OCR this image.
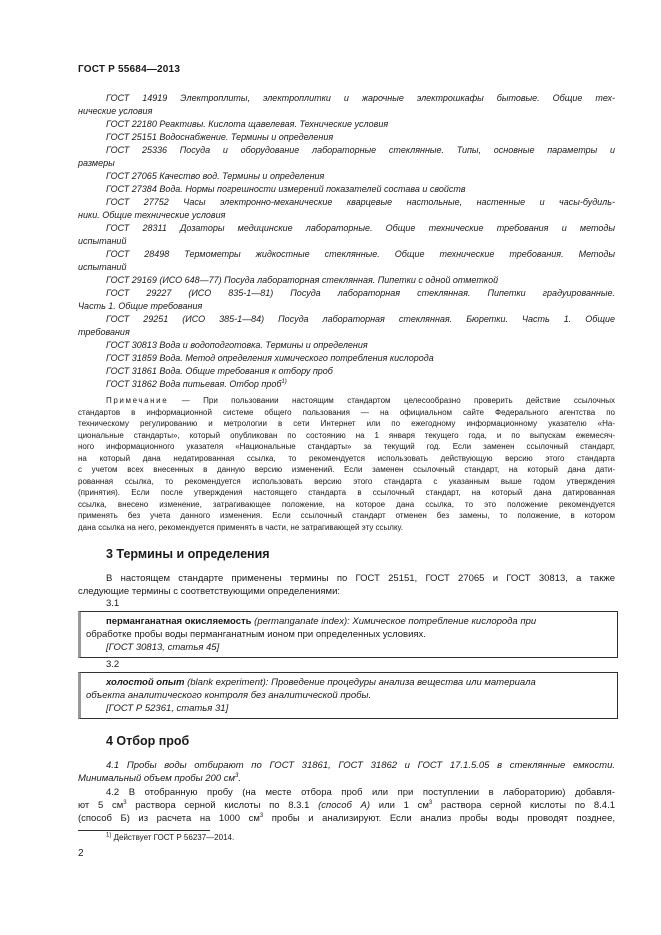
ГОСТ Р 55684—2013
ГОСТ 14919 Электроплиты, электроплитки и жарочные электрошкафы бытовые. Общие тех-
нические условия
ГОСТ 22180 Реактивы. Кислота щавелевая. Технические условия
ГОСТ 25151 Водоснабжение. Термины и определения
ГОСТ 25336 Посуда и оборудование лабораторные стеклянные. Типы, основные параметры и
размеры
ГОСТ 27065 Качество вод. Термины и определения
ГОСТ 27384 Вода. Нормы погрешности измерений показателей состава и свойств
ГОСТ 27752 Часы электронно-механические кварцевые настольные, настенные и часы-будиль-
ники. Общие технические условия
ГОСТ 28311 Дозаторы медицинские лабораторные. Общие технические требования и методы
испытаний
ГОСТ 28498 Термометры жидкостные стеклянные. Общие технические требования. Методы
испытаний
ГОСТ 29169 (ИСО 648—77) Посуда лабораторная стеклянная. Пипетки с одной отметкой
ГОСТ 29227 (ИСО 835-1—81) Посуда лабораторная стеклянная. Пипетки градуированные.
Часть 1. Общие требования
ГОСТ 29251 (ИСО 385-1—84) Посуда лабораторная стеклянная. Бюретки. Часть 1. Общие
требования
ГОСТ 30813 Вода и водоподготовка. Термины и определения
ГОСТ 31859 Вода. Метод определения химического потребления кислорода
ГОСТ 31861 Вода. Общие требования к отбору проб
ГОСТ 31862 Вода питьевая. Отбор проб$^{1)}$
Примечание — При пользовании настоящим стандартом целесообразно проверить действие ссылочных
стандартов в информационной системе общего пользования — на официальном сайте Федерального агентства по
техническому регулированию и метрологии в сети Интернет или по ежегодному информационному указателю «На-
циональные стандарты», который опубликован по состоянию на 1 января текущего года, и по выпускам ежемесяч-
ного информационного указателя «Национальные стандарты» за текущий год. Если заменен ссылочный стандарт,
на который дана недатированная ссылка, то рекомендуется использовать действующую версию этого стандарта
с учетом всех внесенных в данную версию изменений. Если заменен ссылочный стандарт, на который дана дати-
рованная ссылка, то рекомендуется использовать версию этого стандарта с указанным выше годом утверждения
(принятия). Если после утверждения настоящего стандарта в ссылочный стандарт, на который дана датированная
ссылка, внесено изменение, затрагивающее положение, на которое дана ссылка, то это положение рекомендуется
применять без учета данного изменения. Если ссылочный стандарт отменен без замены, то положение, в котором
дана ссылка на него, рекомендуется применять в части, не затрагивающей эту ссылку.
3 Термины и определения
В настоящем стандарте применены термины по ГОСТ 25151, ГОСТ 27065 и ГОСТ 30813, а также
следующие термины с соответствующими определениями:
3.1
перманганатная окисляемость (permanganate index): Химическое потребление кислорода при
обработке пробы воды перманганатным ионом при определенных условиях.
[ГОСТ 30813, статья 45]
3.2
холостой опыт (blank experiment): Проведение процедуры анализа вещества или материала
объекта аналитического контроля без аналитической пробы.
[ГОСТ Р 52361, статья 31]
4 Отбор проб
4.1 Пробы воды отбирают по ГОСТ 31861, ГОСТ 31862 и ГОСТ 17.1.5.05 в стеклянные емкости.
Минимальный объем пробы 200 $см^3$.
4.2 В отобранную пробу (на месте отбора проб или при поступлении в лабораторию) добавля-
ют 5 $см^3$ раствора серной кислоты по 8.3.1 (способ А) или 1 $см^3$ раствора серной кислоты по 8.4.1
(способ Б) из расчета на 1000 $см^3$ пробы и анализируют. Если анализ пробы воды проводят позднее,
$^{1)}$ Действует ГОСТ Р 56237—2014.
2
